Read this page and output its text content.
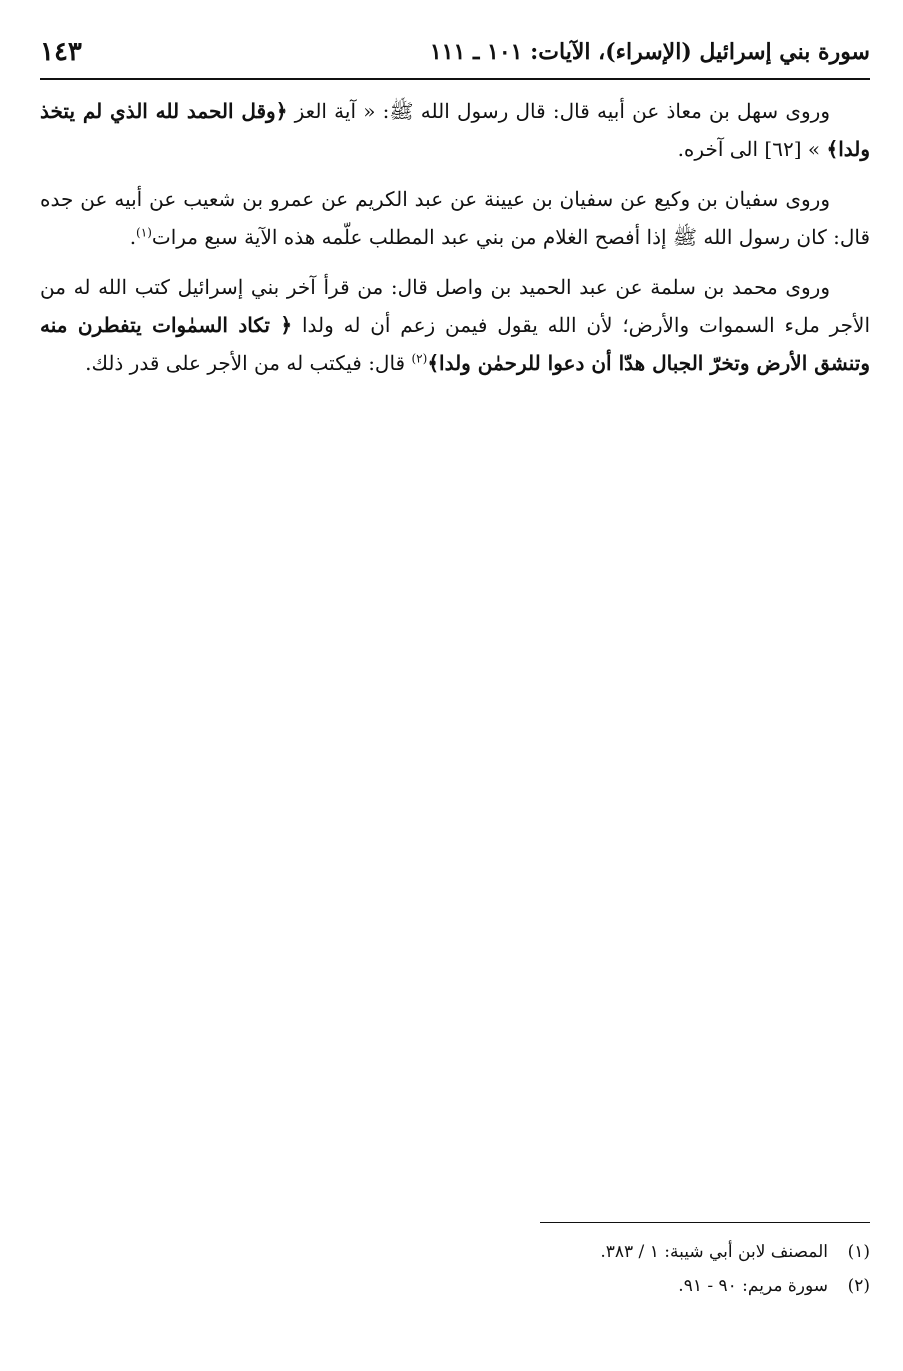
سورة بني إسرائيل (الإسراء)، الآيات: ١٠١ ـ ١١١
١٤٣

وروى سهل بن معاذ عن أبيه قال: قال رسول الله ﷺ: « آية العز ﴿وقل الحمد لله الذي لم يتخذ ولدا﴾ » [٦٢] الى آخره.

وروى سفيان بن وكيع عن سفيان بن عيينة عن عبد الكريم عن عمرو بن شعيب عن أبيه عن جده قال: كان رسول الله ﷺ إذا أفصح الغلام من بني عبد المطلب علّمه هذه الآية سبع مرات$^{(١)}$.

وروى محمد بن سلمة عن عبد الحميد بن واصل قال: من قرأ آخر بني إسرائيل كتب الله له من الأجر ملء السموات والأرض؛ لأن الله يقول فيمن زعم أن له ولدا ﴿ تكاد السمٰوات يتفطرن منه وتنشق الأرض وتخرّ الجبال هدّا أن دعوا للرحمٰن ولدا﴾$^{(٢)}$ قال: فيكتب له من الأجر على قدر ذلك.

(١)
المصنف لابن أبي شيبة: ١ / ٣٨٣.
(٢)
سورة مريم: ٩٠ - ٩١.
